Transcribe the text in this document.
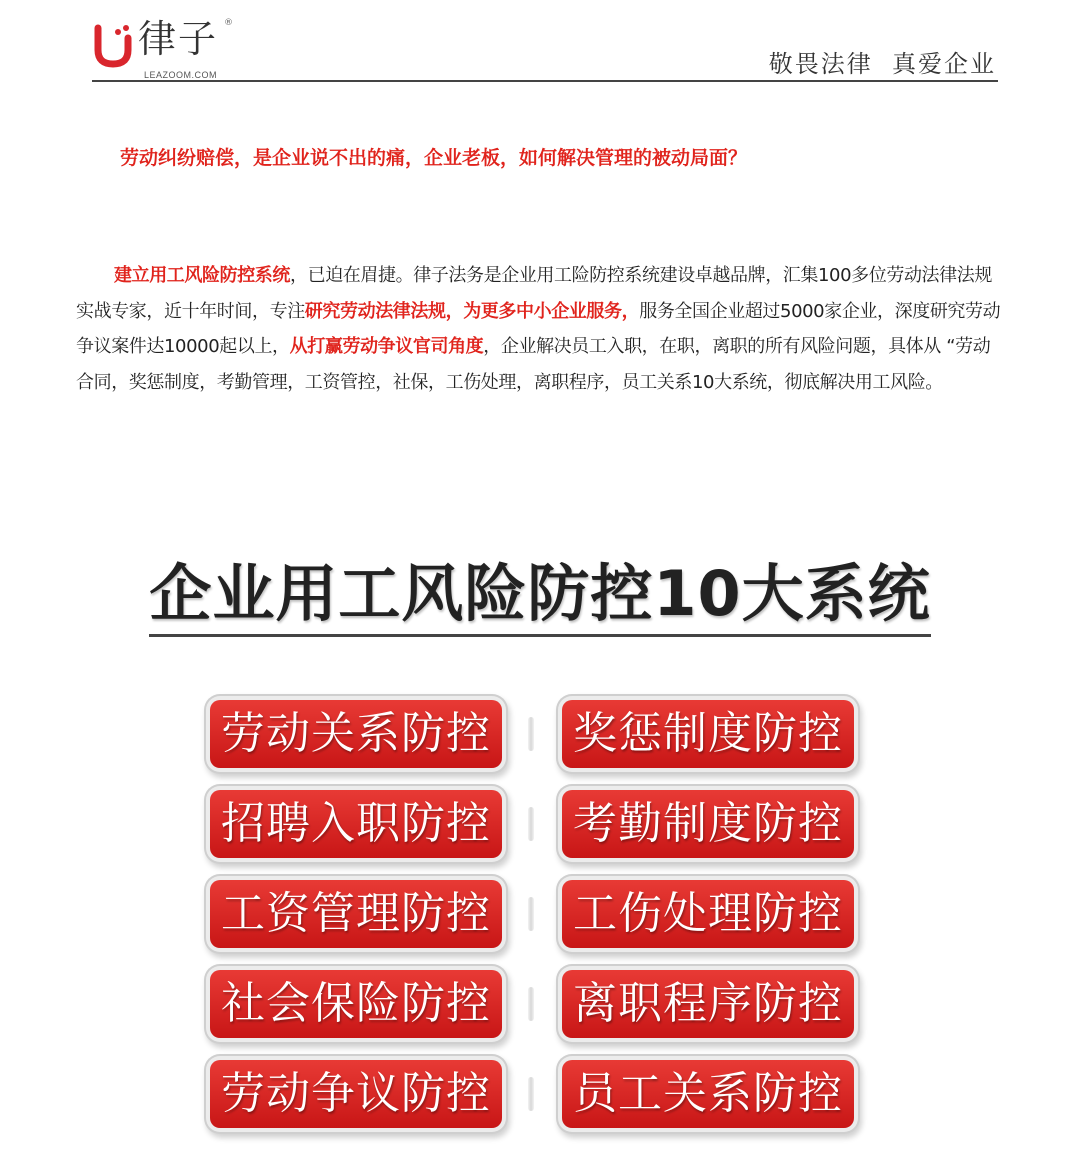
律子 ®
LEAZOOM.COM	敬畏法律  真爱企业
劳动纠纷赔偿，是企业说不出的痛，企业老板，如何解决管理的被动局面？

建立用工风险防控系统，已迫在眉捷。律子法务是企业用工险防控系统建设卓越品牌，汇集100多位劳动法律法规实战专家，近十年时间，专注研究劳动法律法规，为更多中小企业服务，服务全国企业超过5000家企业，深度研究劳动争议案件达10000起以上，从打赢劳动争议官司角度，企业解决员工入职，在职，离职的所有风险问题，具体从 “劳动合同，奖惩制度，考勤管理，工资管控，社保，工伤处理，离职程序，员工关系10大系统，彻底解决用工风险。

企业用工风险防控10大系统
劳动关系防控 奖惩制度防控
招聘入职防控 考勤制度防控
工资管理防控 工伤处理防控
社会保险防控 离职程序防控
劳动争议防控 员工关系防控
